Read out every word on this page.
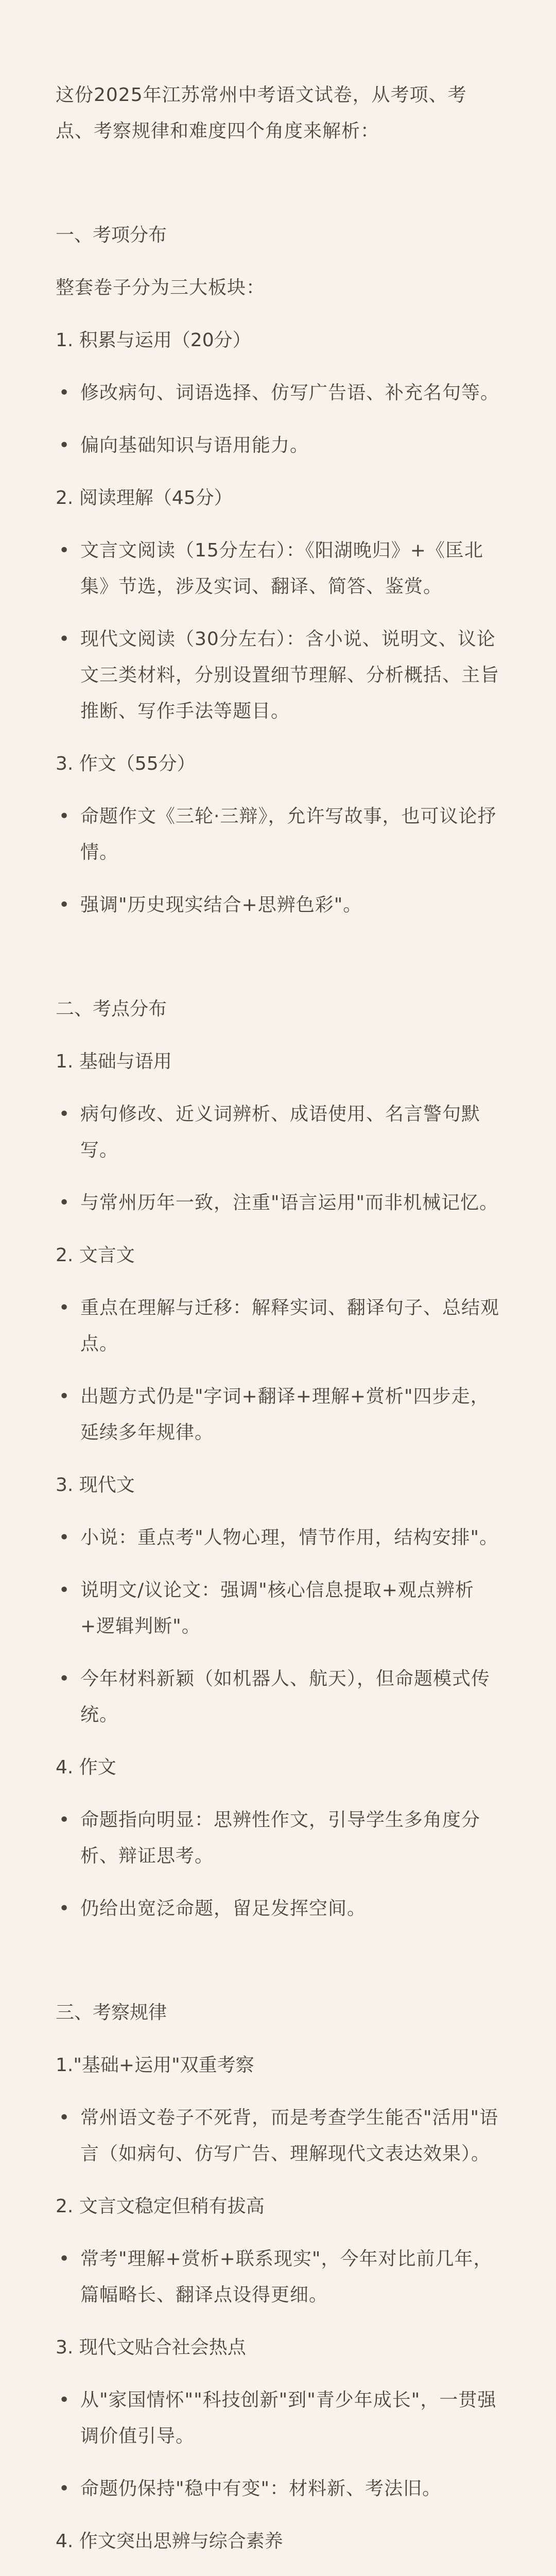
这份2025年江苏常州中考语文试卷，从考项、考点、考察规律和难度四个角度来解析：
一、考项分布
整套卷子分为三大板块：
1. 积累与运用（20分）
• 修改病句、词语选择、仿写广告语、补充名句等。
• 偏向基础知识与语用能力。
2. 阅读理解（45分）
• 文言文阅读（15分左右）：《阳湖晚归》+《匡北集》节选，涉及实词、翻译、简答、鉴赏。
• 现代文阅读（30分左右）：含小说、说明文、议论文三类材料，分别设置细节理解、分析概括、主旨推断、写作手法等题目。
3. 作文（55分）
• 命题作文《三轮·三辩》，允许写故事，也可议论抒情。
• 强调"历史现实结合+思辨色彩"。
二、考点分布
1. 基础与语用
• 病句修改、近义词辨析、成语使用、名言警句默写。
• 与常州历年一致，注重"语言运用"而非机械记忆。
2. 文言文
• 重点在理解与迁移：解释实词、翻译句子、总结观点。
• 出题方式仍是"字词+翻译+理解+赏析"四步走，延续多年规律。
3. 现代文
• 小说：重点考"人物心理，情节作用，结构安排"。
• 说明文/议论文：强调"核心信息提取+观点辨析+逻辑判断"。
• 今年材料新颖（如机器人、航天），但命题模式传统。
4. 作文
• 命题指向明显：思辨性作文，引导学生多角度分析、辩证思考。
• 仍给出宽泛命题，留足发挥空间。
三、考察规律
1."基础+运用"双重考察
• 常州语文卷子不死背，而是考查学生能否"活用"语言（如病句、仿写广告、理解现代文表达效果）。
2. 文言文稳定但稍有拔高
• 常考"理解+赏析+联系现实"，今年对比前几年，篇幅略长、翻译点设得更细。
3. 现代文贴合社会热点
• 从"家国情怀""科技创新"到"青少年成长"，一贯强调价值引导。
• 命题仍保持"稳中有变"：材料新、考法旧。
4. 作文突出思辨与综合素养
